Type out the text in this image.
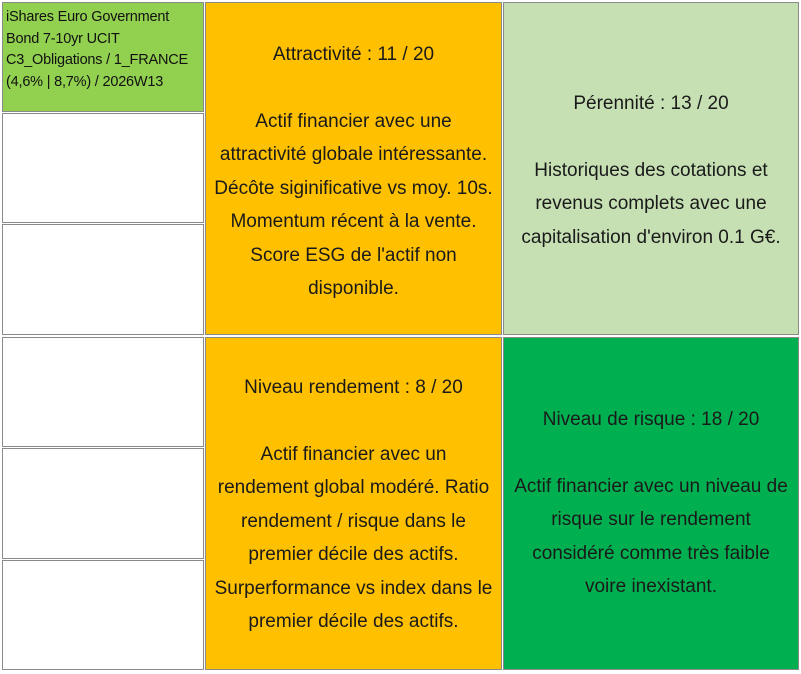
iShares Euro Government
Bond 7-10yr UCIT
C3_Obligations / 1_FRANCE
(4,6% | 8,7%) / 2026W13
Attractivité : 11 / 20
Actif financier avec une
attractivité globale intéressante.
Décôte siginificative vs moy. 10s.
Momentum récent à la vente.
Score ESG de l'actif non
disponible.
Pérennité : 13 / 20
Historiques des cotations et
revenus complets avec une
capitalisation d'environ 0.1 G€.
Niveau rendement : 8 / 20
Actif financier avec un
rendement global modéré. Ratio
rendement / risque dans le
premier décile des actifs.
Surperformance vs index dans le
premier décile des actifs.
Niveau de risque : 18 / 20
Actif financier avec un niveau de
risque sur le rendement
considéré comme très faible
voire inexistant.
